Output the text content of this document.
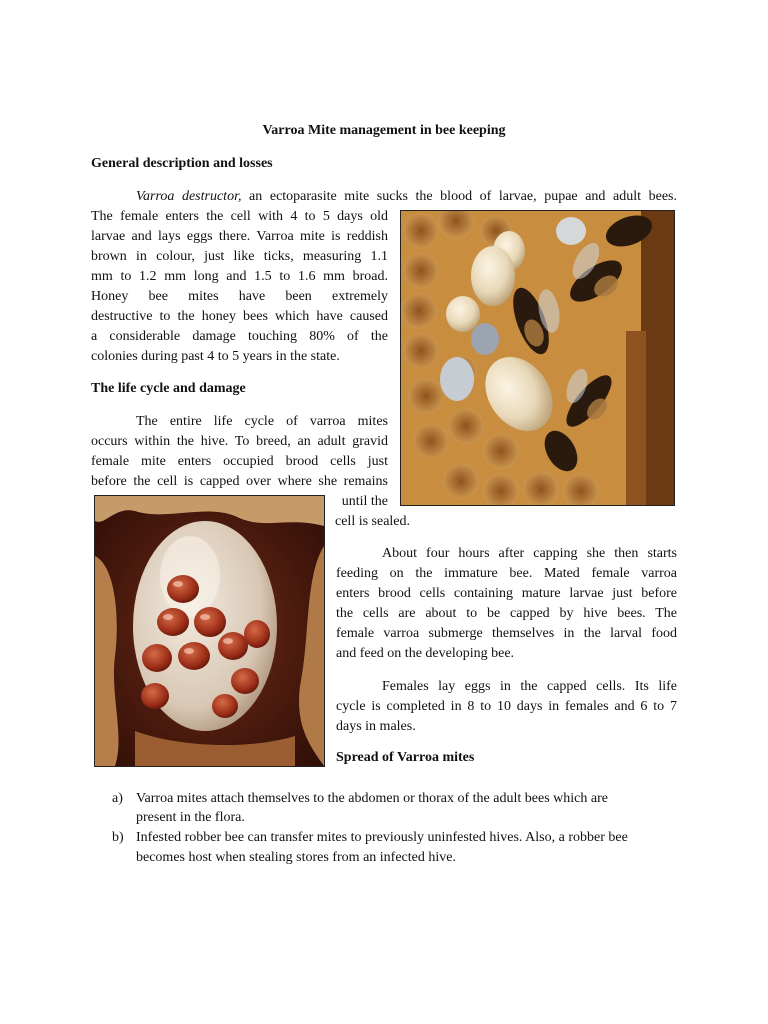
Varroa Mite management in bee keeping
General description and losses
Varroa destructor, an ectoparasite mite sucks the blood of larvae, pupae and adult bees.
The female enters the cell with 4 to 5 days old
larvae and lays eggs there. Varroa mite is reddish
brown in colour, just like ticks, measuring 1.1
mm to 1.2 mm long and 1.5 to 1.6 mm broad.
Honey bee mites have been extremely
destructive to the honey bees which have caused
a considerable damage touching 80% of the
colonies during past 4 to 5 years in the state.
The life cycle and damage
The entire life cycle of varroa mites
occurs within the hive. To breed, an adult gravid
female mite enters occupied brood cells just
before the cell is capped over where she remains
until the
cell is sealed.
About four hours after capping she then starts
feeding on the immature bee. Mated female varroa
enters brood cells containing mature larvae just before
the cells are about to be capped by hive bees. The
female varroa submerge themselves in the larval food
and feed on the developing bee.
Females lay eggs in the capped cells. Its life
cycle is completed in 8 to 10 days in females and 6 to 7
days in males.
Spread of Varroa mites
a) Varroa mites attach themselves to the abdomen or thorax of the adult bees which are
present in the flora.
b) Infested robber bee can transfer mites to previously uninfested hives. Also, a robber bee
becomes host when stealing stores from an infected hive.
